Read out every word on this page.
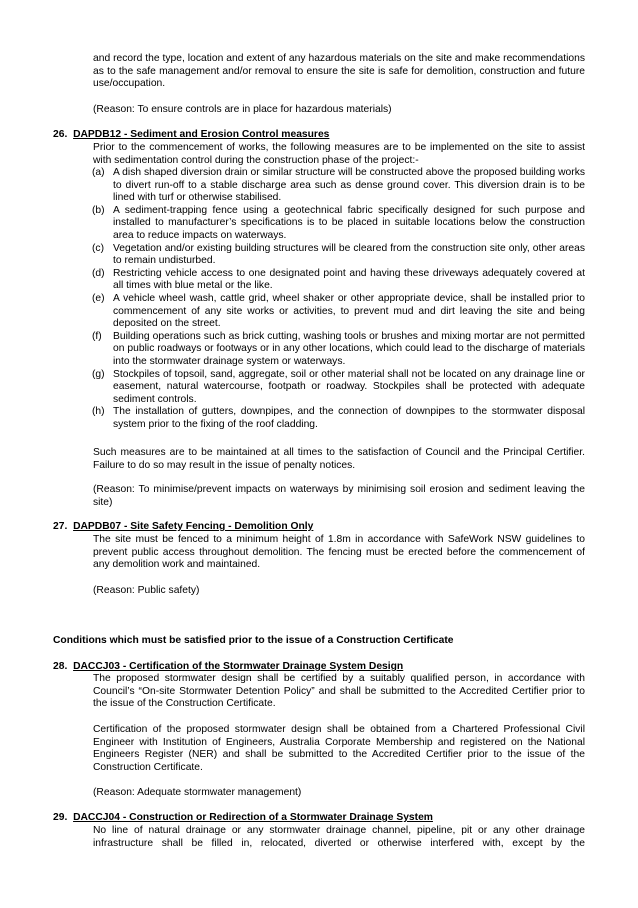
and record the type, location and extent of any hazardous materials on the site and make recommendations as to the safe management and/or removal to ensure the site is safe for demolition, construction and future use/occupation.
(Reason: To ensure controls are in place for hazardous materials)
26. DAPDB12 - Sediment and Erosion Control measures
Prior to the commencement of works, the following measures are to be implemented on the site to assist with sedimentation control during the construction phase of the project:-
(a) A dish shaped diversion drain or similar structure will be constructed above the proposed building works to divert run-off to a stable discharge area such as dense ground cover. This diversion drain is to be lined with turf or otherwise stabilised.
(b) A sediment-trapping fence using a geotechnical fabric specifically designed for such purpose and installed to manufacturer’s specifications is to be placed in suitable locations below the construction area to reduce impacts on waterways.
(c) Vegetation and/or existing building structures will be cleared from the construction site only, other areas to remain undisturbed.
(d) Restricting vehicle access to one designated point and having these driveways adequately covered at all times with blue metal or the like.
(e) A vehicle wheel wash, cattle grid, wheel shaker or other appropriate device, shall be installed prior to commencement of any site works or activities, to prevent mud and dirt leaving the site and being deposited on the street.
(f) Building operations such as brick cutting, washing tools or brushes and mixing mortar are not permitted on public roadways or footways or in any other locations, which could lead to the discharge of materials into the stormwater drainage system or waterways.
(g) Stockpiles of topsoil, sand, aggregate, soil or other material shall not be located on any drainage line or easement, natural watercourse, footpath or roadway. Stockpiles shall be protected with adequate sediment controls.
(h) The installation of gutters, downpipes, and the connection of downpipes to the stormwater disposal system prior to the fixing of the roof cladding.
Such measures are to be maintained at all times to the satisfaction of Council and the Principal Certifier. Failure to do so may result in the issue of penalty notices.
(Reason: To minimise/prevent impacts on waterways by minimising soil erosion and sediment leaving the site)
27. DAPDB07 - Site Safety Fencing - Demolition Only
The site must be fenced to a minimum height of 1.8m in accordance with SafeWork NSW guidelines to prevent public access throughout demolition. The fencing must be erected before the commencement of any demolition work and maintained.
(Reason: Public safety)
Conditions which must be satisfied prior to the issue of a Construction Certificate
28. DACCJ03 - Certification of the Stormwater Drainage System Design
The proposed stormwater design shall be certified by a suitably qualified person, in accordance with Council’s “On-site Stormwater Detention Policy” and shall be submitted to the Accredited Certifier prior to the issue of the Construction Certificate.
Certification of the proposed stormwater design shall be obtained from a Chartered Professional Civil Engineer with Institution of Engineers, Australia Corporate Membership and registered on the National Engineers Register (NER) and shall be submitted to the Accredited Certifier prior to the issue of the Construction Certificate.
(Reason: Adequate stormwater management)
29. DACCJ04 - Construction or Redirection of a Stormwater Drainage System
No line of natural drainage or any stormwater drainage channel, pipeline, pit or any other drainage infrastructure shall be filled in, relocated, diverted or otherwise interfered with, except by the
